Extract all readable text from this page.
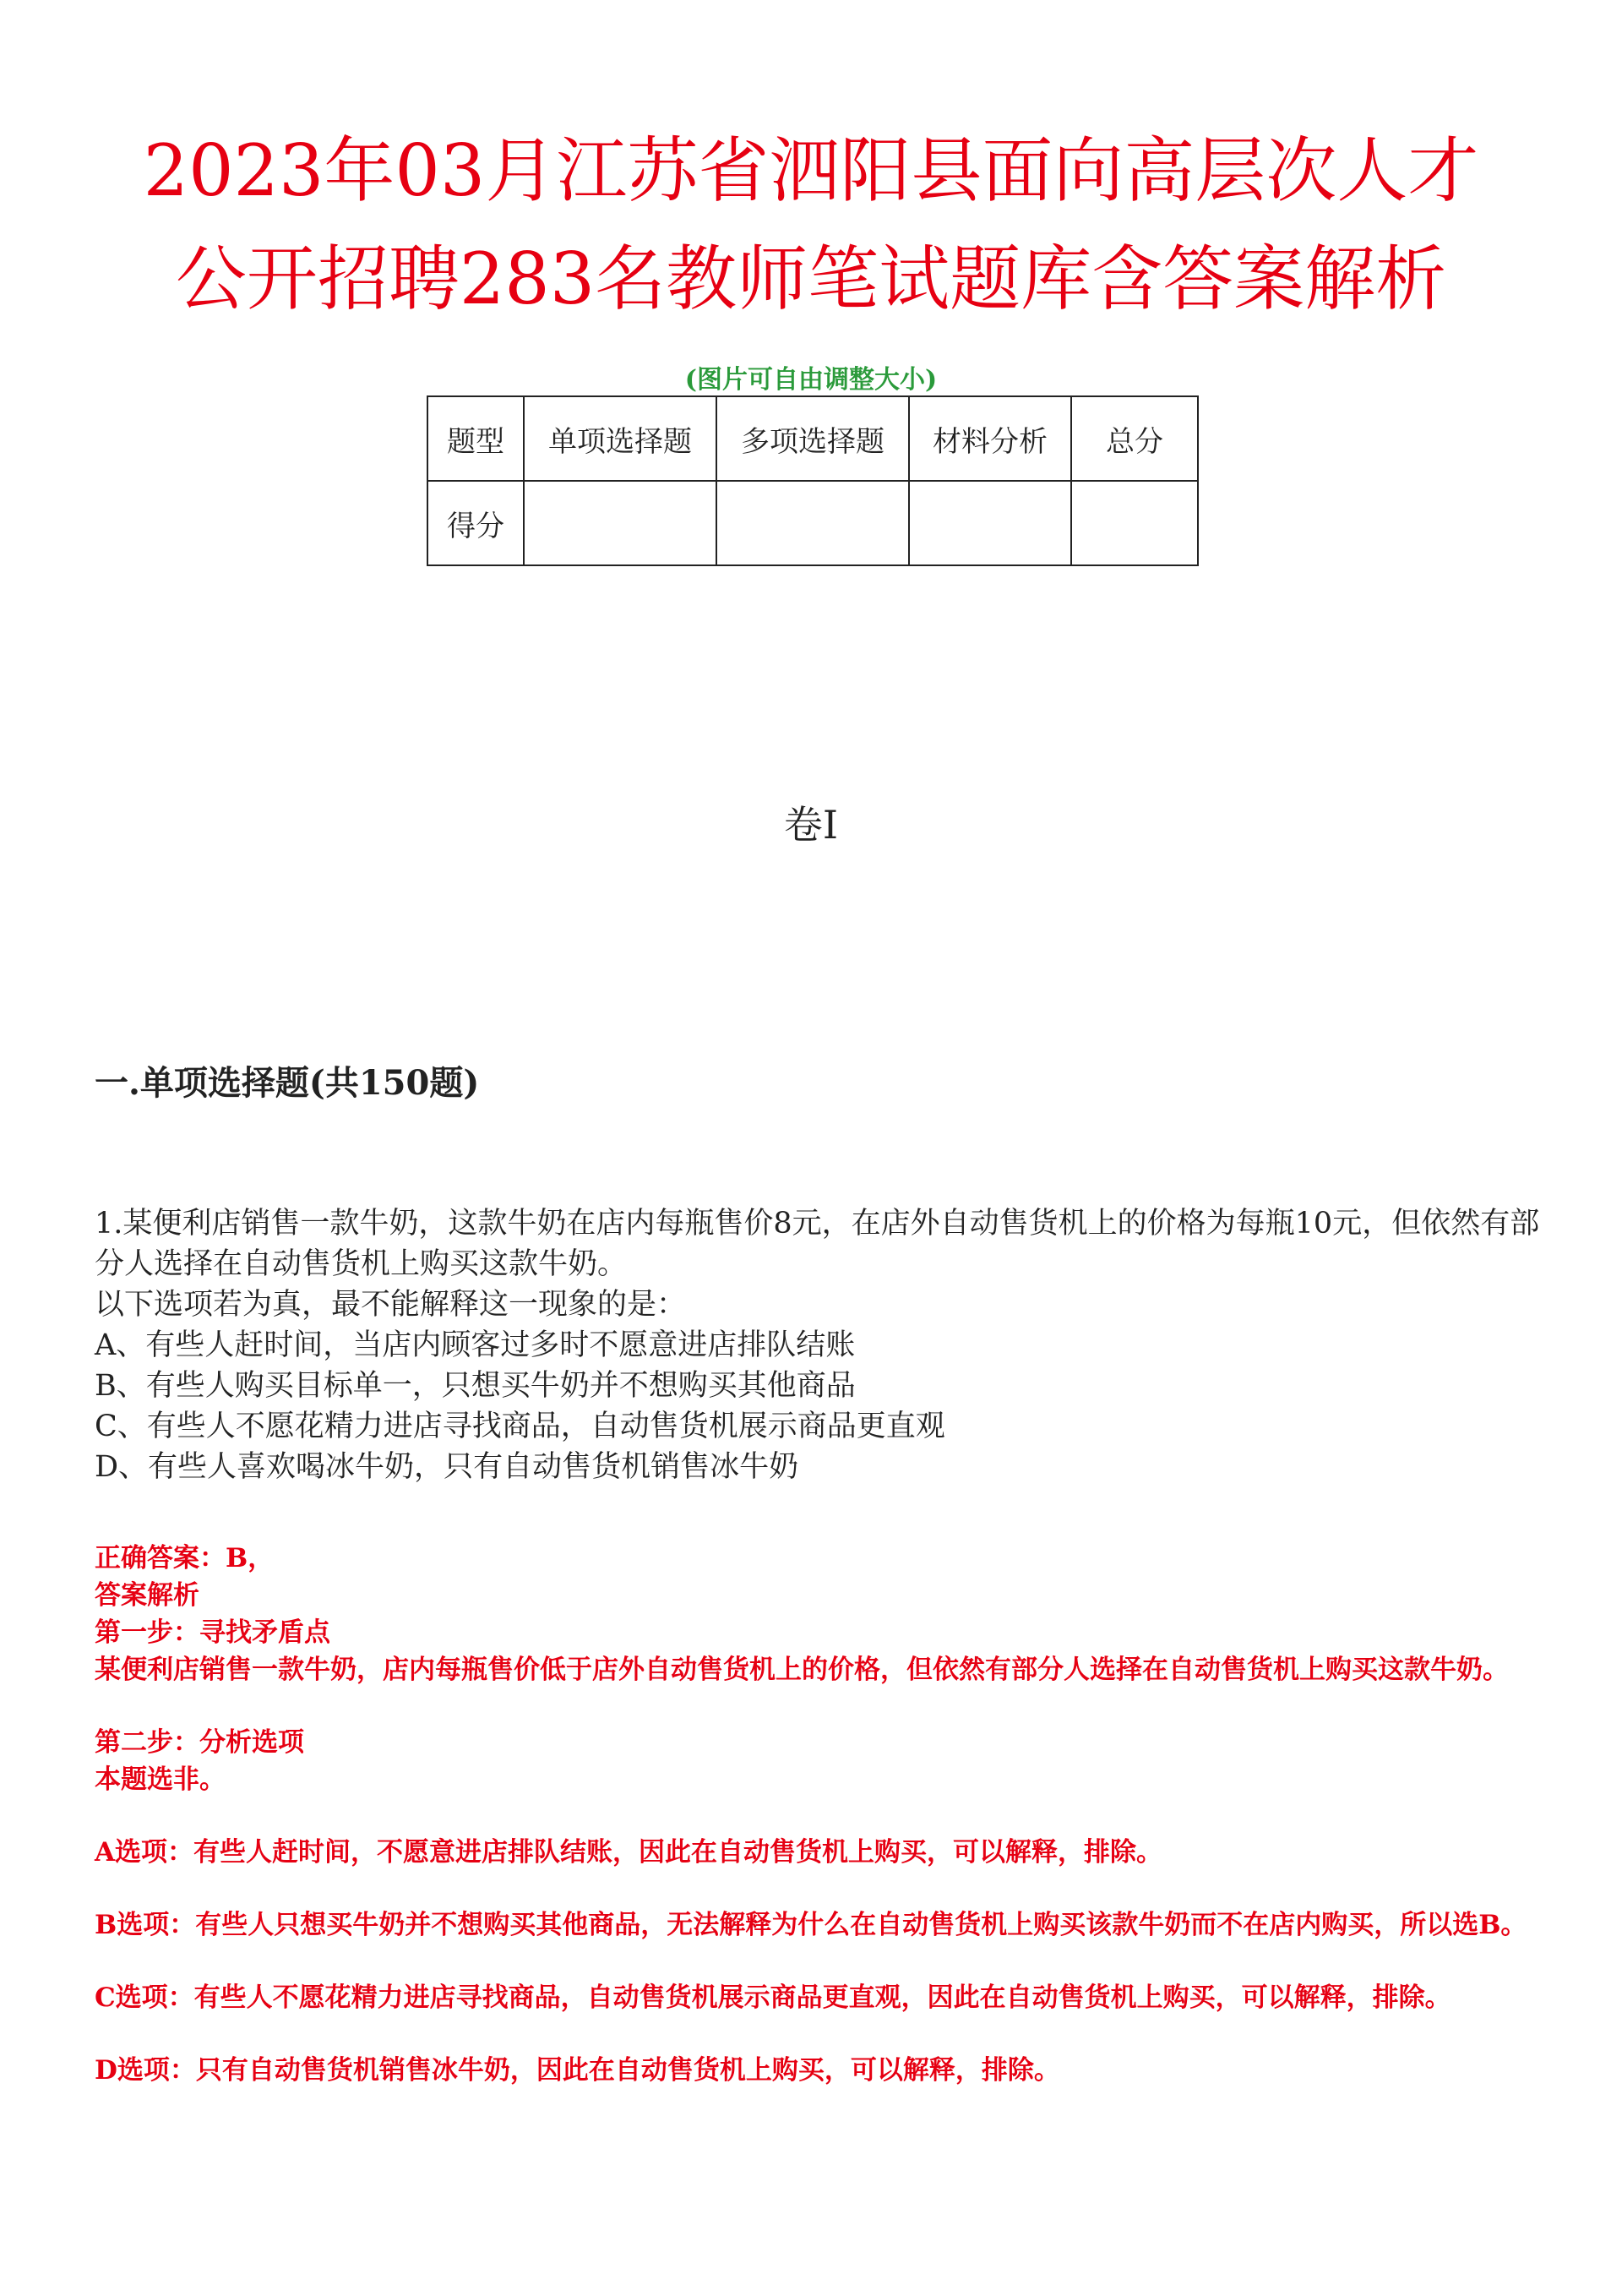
2023年03月江苏省泗阳县面向高层次人才
公开招聘283名教师笔试题库含答案解析
(图片可自由调整大小)
题型	单项选择题	多项选择题	材料分析	总分
得分				
卷I
一.单项选择题(共150题)

1.某便利店销售一款牛奶，这款牛奶在店内每瓶售价8元，在店外自动售货机上的价格为每瓶10元，但依然有部分人选择在自动售货机上购买这款牛奶。

以下选项若为真，最不能解释这一现象的是：

A、有些人赶时间，当店内顾客过多时不愿意进店排队结账

B、有些人购买目标单一，只想买牛奶并不想购买其他商品

C、有些人不愿花精力进店寻找商品，自动售货机展示商品更直观

D、有些人喜欢喝冰牛奶，只有自动售货机销售冰牛奶

正确答案：B，

答案解析

第一步：寻找矛盾点

某便利店销售一款牛奶，店内每瓶售价低于店外自动售货机上的价格，但依然有部分人选择在自动售货机上购买这款牛奶。

第二步：分析选项

本题选非。

A选项：有些人赶时间，不愿意进店排队结账，因此在自动售货机上购买，可以解释，排除。

B选项：有些人只想买牛奶并不想购买其他商品，无法解释为什么在自动售货机上购买该款牛奶而不在店内购买，所以选B。

C选项：有些人不愿花精力进店寻找商品，自动售货机展示商品更直观，因此在自动售货机上购买，可以解释，排除。

D选项：只有自动售货机销售冰牛奶，因此在自动售货机上购买，可以解释，排除。
